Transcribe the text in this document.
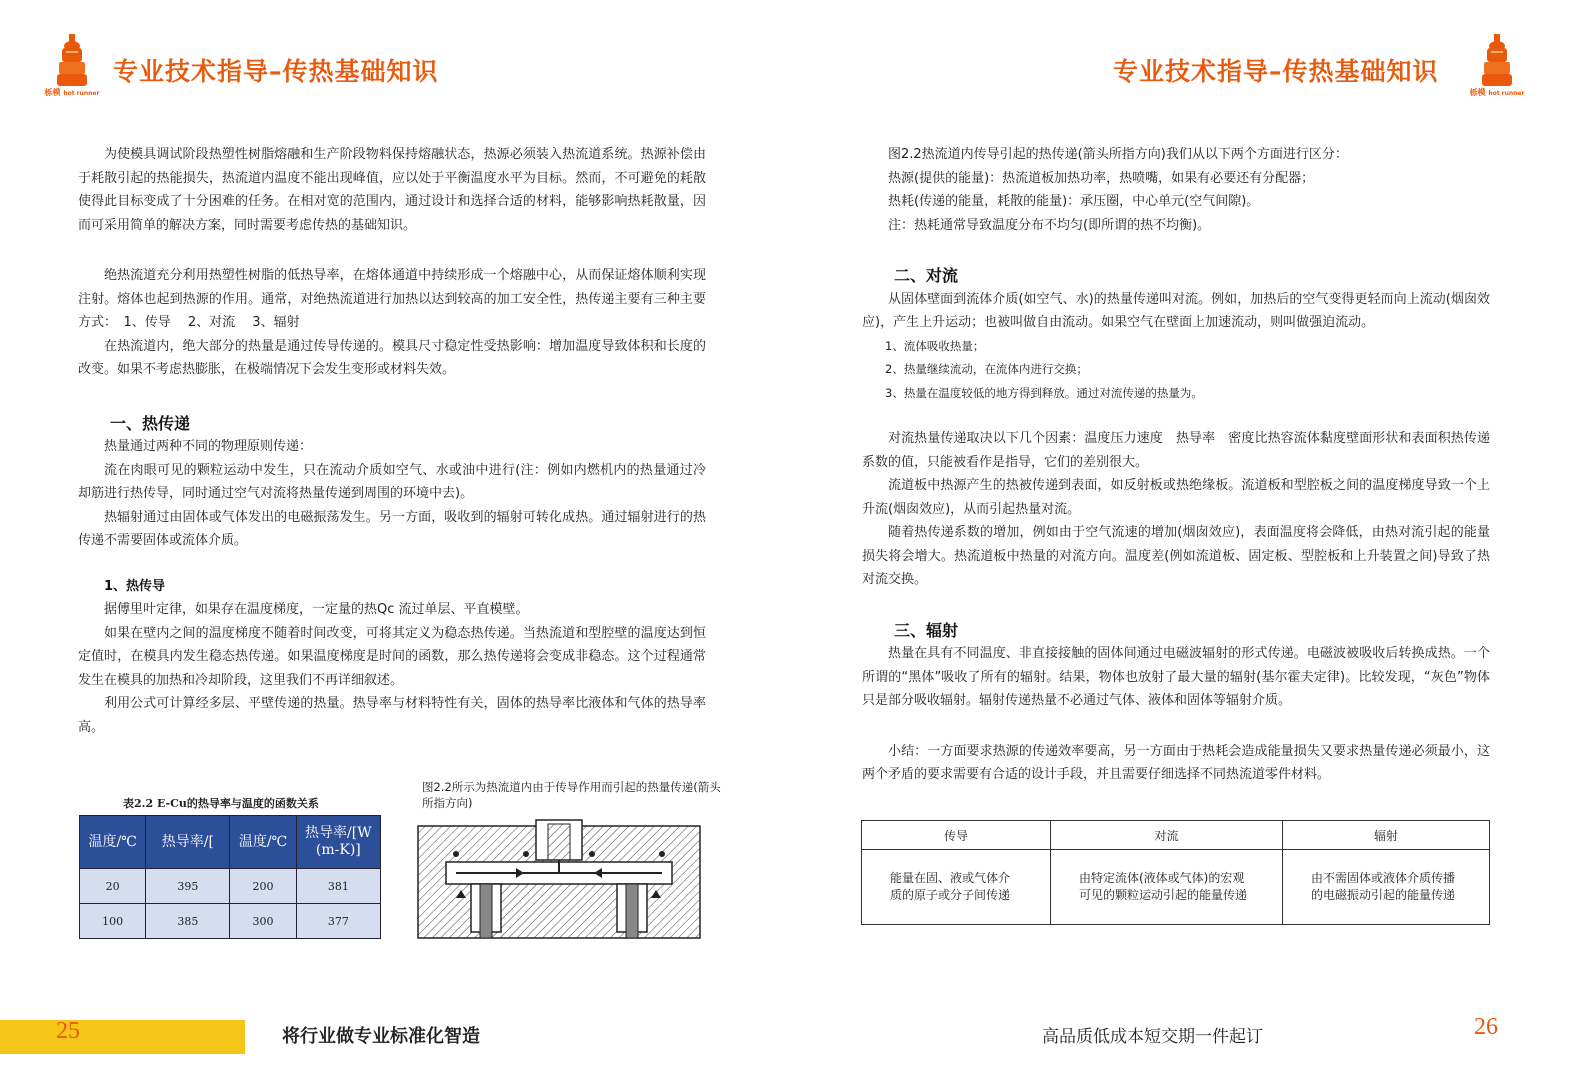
栎模 hot runner
专业技术指导–传热基础知识

为使模具调试阶段热塑性树脂熔融和生产阶段物料保持熔融状态，热源必须装入热流道系统。热源补偿由于耗散引起的热能损失，热流道内温度不能出现峰值，应以处于平衡温度水平为目标。然而，不可避免的耗散使得此目标变成了十分困难的任务。在相对宽的范围内，通过设计和选择合适的材料，能够影响热耗散量，因而可采用简单的解决方案，同时需要考虑传热的基础知识。

绝热流道充分利用热塑性树脂的低热导率，在熔体通道中持续形成一个熔融中心，从而保证熔体顺利实现注射。熔体也起到热源的作用。通常，对绝热流道进行加热以达到较高的加工安全性，热传递主要有三种主要方式：　1、传导　 2、对流　 3、辐射

在热流道内，绝大部分的热量是通过传导传递的。模具尺寸稳定性受热影响：增加温度导致体积和长度的改变。如果不考虑热膨胀，在极端情况下会发生变形或材料失效。

一、热传递

热量通过两种不同的物理原则传递：

流在肉眼可见的颗粒运动中发生，只在流动介质如空气、水或油中进行(注：例如内燃机内的热量通过冷却筋进行热传导，同时通过空气对流将热量传递到周围的环境中去)。

热辐射通过由固体或气体发出的电磁振荡发生。另一方面，吸收到的辐射可转化成热。通过辐射进行的热传递不需要固体或流体介质。

1、热传导

据傅里叶定律，如果存在温度梯度，一定量的热Qc 流过单层、平直模壁。

如果在壁内之间的温度梯度不随着时间改变，可将其定义为稳态热传递。当热流道和型腔壁的温度达到恒定值时，在模具内发生稳态热传递。如果温度梯度是时间的函数，那么热传递将会变成非稳态。这个过程通常发生在模具的加热和冷却阶段，这里我们不再详细叙述。

利用公式可计算经多层、平壁传递的热量。热导率与材料特性有关，固体的热导率比液体和气体的热导率高。

表2.2 E-Cu的热导率与温度的函数关系
温度/℃	热导率/[	温度/℃	热导率/[W (m-K)]
20	395	200	381
100	385	300	377
图2.2所示为热流道内由于传导作用而引起的热量传递(箭头所指方向)
25	将行业做专业标准化智造
专业技术指导–传热基础知识
栎模 hot runner

图2.2热流道内传导引起的热传递(箭头所指方向)我们从以下两个方面进行区分：

热源(提供的能量)：热流道板加热功率，热喷嘴，如果有必要还有分配器；

热耗(传递的能量，耗散的能量)：承压圈，中心单元(空气间隙)。

注：热耗通常导致温度分布不均匀(即所谓的热不均衡)。

二、对流

从固体壁面到流体介质(如空气、水)的热量传递叫对流。例如，加热后的空气变得更轻而向上流动(烟囱效应)，产生上升运动；也被叫做自由流动。如果空气在壁面上加速流动，则叫做强迫流动。

1、流体吸收热量；

2、热量继续流动，在流体内进行交换；

3、热量在温度较低的地方得到释放。通过对流传递的热量为。

对流热量传递取决以下几个因素：温度压力速度　热导率　密度比热容流体黏度壁面形状和表面积热传递系数的值，只能被看作是指导，它们的差别很大。

流道板中热源产生的热被传递到表面，如反射板或热绝缘板。流道板和型腔板之间的温度梯度导致一个上升流(烟囱效应)，从而引起热量对流。

随着热传递系数的增加，例如由于空气流速的增加(烟囱效应)，表面温度将会降低，由热对流引起的能量损失将会增大。热流道板中热量的对流方向。温度差(例如流道板、固定板、型腔板和上升装置之间)导致了热对流交换。

三、辐射

热量在具有不同温度、非直接接触的固体间通过电磁波辐射的形式传递。电磁波被吸收后转换成热。一个所谓的“黑体”吸收了所有的辐射。结果，物体也放射了最大量的辐射(基尔霍夫定律)。比较发现，“灰色”物体只是部分吸收辐射。辐射传递热量不必通过气体、液体和固体等辐射介质。

小结：一方面要求热源的传递效率要高，另一方面由于热耗会造成能量损失又要求热量传递必须最小，这两个矛盾的要求需要有合适的设计手段，并且需要仔细选择不同热流道零件材料。

传导	对流	辐射
能量在固、液或气体介质的原子或分子间传递	由特定流体(液体或气体)的宏观可见的颗粒运动引起的能量传递	由不需固体或液体介质传播的电磁振动引起的能量传递
高品质低成本短交期一件起订	26
